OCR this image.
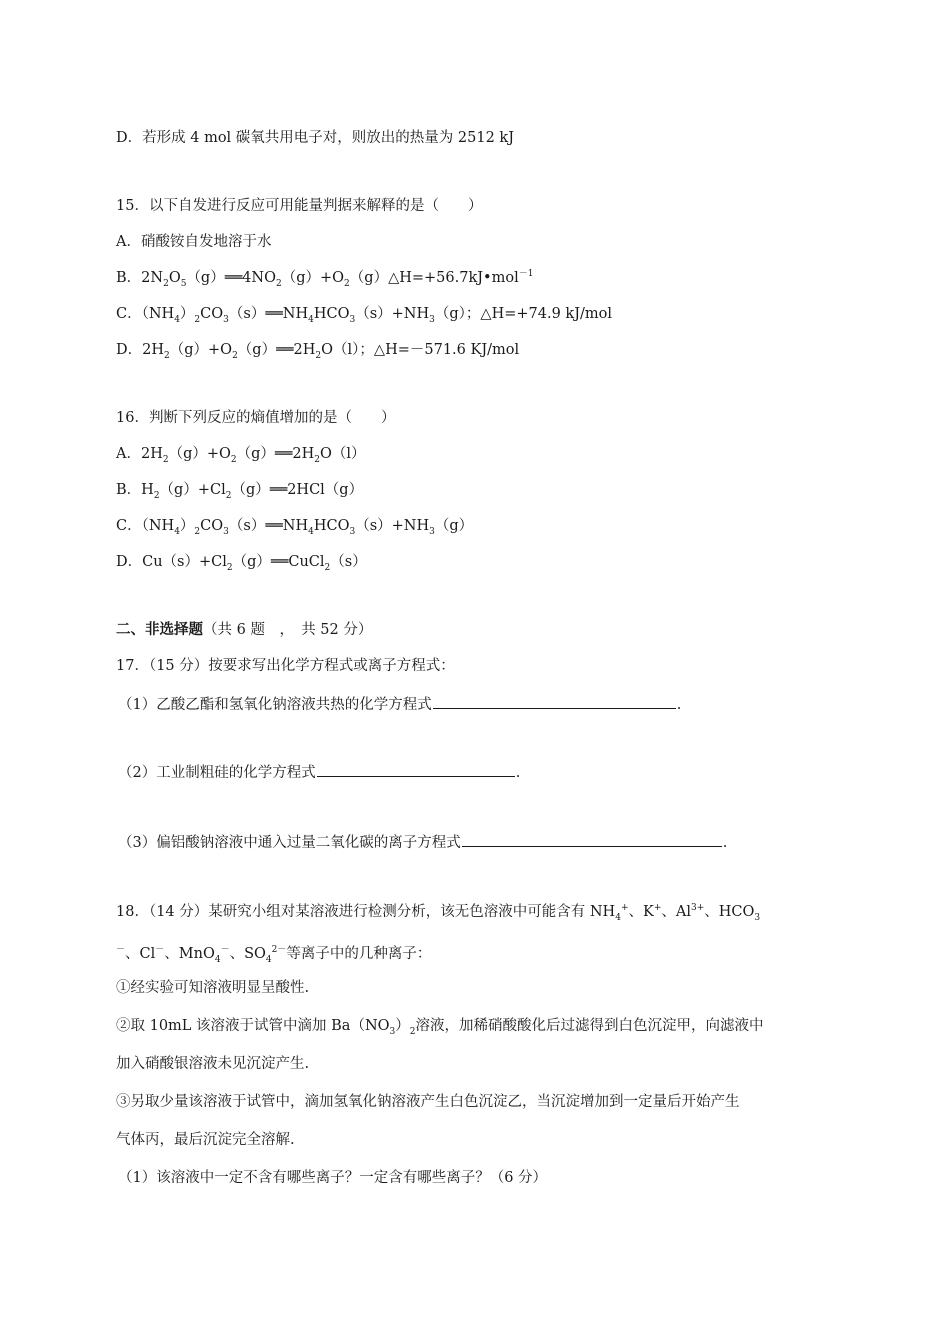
D．若形成 4 mol 碳氧共用电子对，则放出的热量为 2512 kJ
15．以下自发进行反应可用能量判据来解释的是（　　）
A．硝酸铵自发地溶于水
B．$2N_2O_5(g)══4NO_2(g)+O_2(g)\triangle H=+56.7kJ•mol^{-1}$
C．$(NH_4)_2CO_3(s)══NH_4HCO_3(s)+NH_3(g)$；△H=+74.9 kJ/mol
D．$2H_2(g)+O_2(g)══2H_2O(l)$；△H=－571.6 KJ/mol
16．判断下列反应的熵值增加的是（　　）
A．$2H_2(g)+O_2(g)══2H_2O(l)$
B．$H_2(g)+Cl_2(g)══2HCl(g)$
C．$(NH_4)_2CO_3(s)══NH_4HCO_3(s)+NH_3(g)$
D．$Cu(s)+Cl_2(g)══CuCl_2(s)$
二、非选择题（共 6 题　，　共 52 分）
17．（15 分）按要求写出化学方程式或离子方程式：
（1）乙酸乙酯和氢氧化钠溶液共热的化学方程式	.
（2）工业制粗硅的化学方程式	.
（3）偏铝酸钠溶液中通入过量二氧化碳的离子方程式	.
18．（14 分）某研究小组对某溶液进行检测分析，该无色溶液中可能含有 $NH_4^+$、K+、$Al^{3+}$、$HCO_3$
－、Cl－、MnO$_4$－、$SO_4^{2-}$等离子中的几种离子：
①经实验可知溶液明显呈酸性.
②取 10mL 该溶液于试管中滴加 $Ba(NO_3)_2$溶液，加稀硝酸酸化后过滤得到白色沉淀甲，向滤液中
加入硝酸银溶液未见沉淀产生.
③另取少量该溶液于试管中，滴加氢氧化钠溶液产生白色沉淀乙，当沉淀增加到一定量后开始产生
气体丙，最后沉淀完全溶解.
（1）该溶液中一定不含有哪些离子？一定含有哪些离子？（6 分）
